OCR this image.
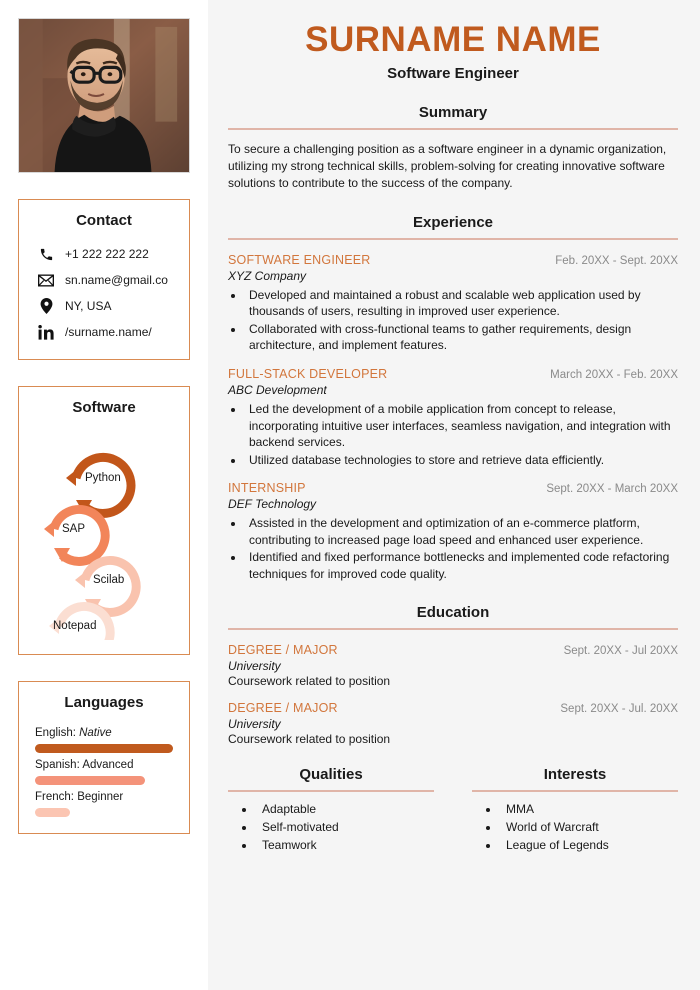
Contact
+1 222 222 222
sn.name@gmail.co
NY, USA
/surname.name/
Software
Python
SAP
Scilab
Notepad
Languages
English: Native
Spanish: Advanced
French: Beginner
SURNAME NAME
Software Engineer
Summary
To secure a challenging position as a software engineer in a dynamic organization, utilizing my strong technical skills, problem-solving for creating innovative software solutions to contribute to the success of the company.
Experience
SOFTWARE ENGINEER	Feb. 20XX - Sept. 20XX
XYZ Company
• Developed and maintained a robust and scalable web application used by thousands of users, resulting in improved user experience.
• Collaborated with cross-functional teams to gather requirements, design architecture, and implement features.
FULL-STACK DEVELOPER	March 20XX - Feb. 20XX
ABC Development
• Led the development of a mobile application from concept to release, incorporating intuitive user interfaces, seamless navigation, and integration with backend services.
• Utilized database technologies to store and retrieve data efficiently.
INTERNSHIP	Sept. 20XX - March 20XX
DEF Technology
• Assisted in the development and optimization of an e-commerce platform, contributing to increased page load speed and enhanced user experience.
• Identified and fixed performance bottlenecks and implemented code refactoring techniques for improved code quality.
Education
DEGREE / MAJOR	Sept. 20XX - Jul 20XX
University
Coursework related to position
DEGREE / MAJOR	Sept. 20XX - Jul. 20XX
University
Coursework related to position
Qualities
• Adaptable
• Self-motivated
• Teamwork
Interests
• MMA
• World of Warcraft
• League of Legends
